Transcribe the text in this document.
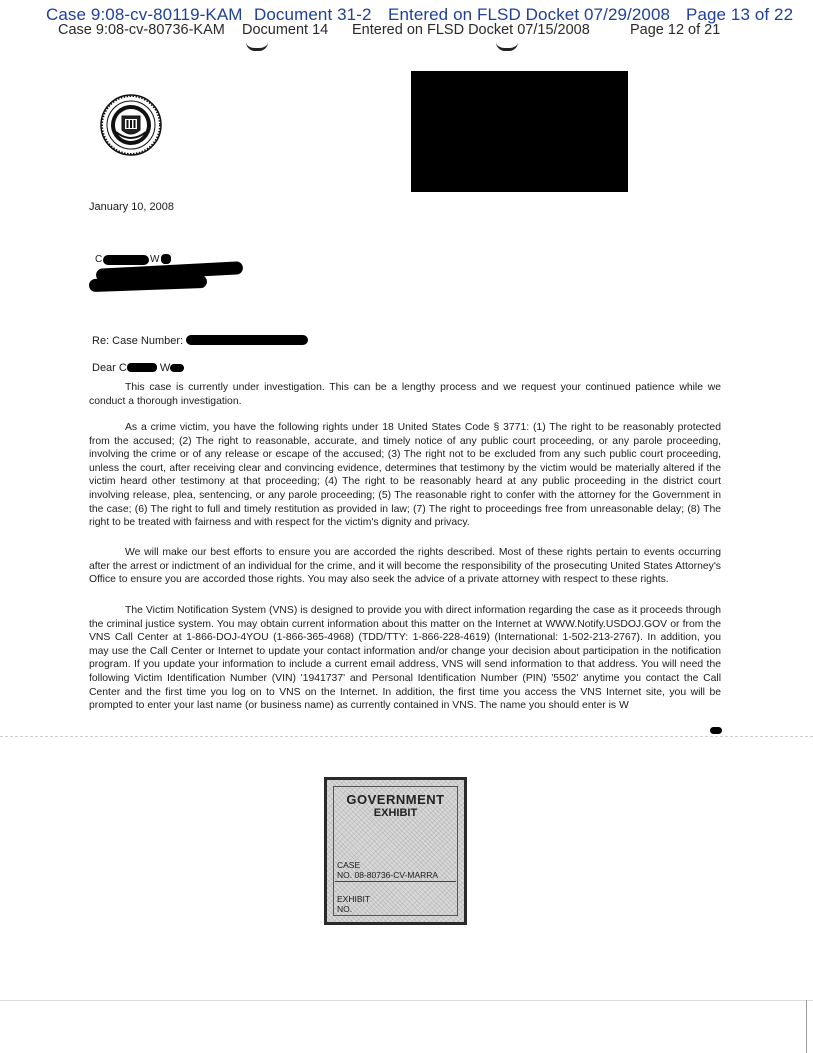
Case 9:08-cv-80119-KAM Document 31-2 Entered on FLSD Docket 07/29/2008 Page 13 of 22
Case 9:08-cv-80736-KAM Document 14 Entered on FLSD Docket 07/15/2008	Page 12 of 21
January 10, 2008
C	W
Re: Case Number:
Dear C	W

This case is currently under investigation. This can be a lengthy process and we request your continued patience while we conduct a thorough investigation.

As a crime victim, you have the following rights under 18 United States Code § 3771: (1) The right to be reasonably protected from the accused; (2) The right to reasonable, accurate, and timely notice of any public court proceeding, or any parole proceeding, involving the crime or of any release or escape of the accused; (3) The right not to be excluded from any such public court proceeding, unless the court, after receiving clear and convincing evidence, determines that testimony by the victim would be materially altered if the victim heard other testimony at that proceeding; (4) The right to be reasonably heard at any public proceeding in the district court involving release, plea, sentencing, or any parole proceeding; (5) The reasonable right to confer with the attorney for the Government in the case; (6) The right to full and timely restitution as provided in law; (7) The right to proceedings free from unreasonable delay; (8) The right to be treated with fairness and with respect for the victim's dignity and privacy.

We will make our best efforts to ensure you are accorded the rights described. Most of these rights pertain to events occurring after the arrest or indictment of an individual for the crime, and it will become the responsibility of the prosecuting United States Attorney's Office to ensure you are accorded those rights. You may also seek the advice of a private attorney with respect to these rights.

The Victim Notification System (VNS) is designed to provide you with direct information regarding the case as it proceeds through the criminal justice system. You may obtain current information about this matter on the Internet at WWW.Notify.USDOJ.GOV or from the VNS Call Center at 1-866-DOJ-4YOU (1-866-365-4968) (TDD/TTY: 1-866-228-4619) (International: 1-502-213-2767). In addition, you may use the Call Center or Internet to update your contact information and/or change your decision about participation in the notification program. If you update your information to include a current email address, VNS will send information to that address. You will need the following Victim Identification Number (VIN) '1941737' and Personal Identification Number (PIN) '5502' anytime you contact the Call Center and the first time you log on to VNS on the Internet. In addition, the first time you access the VNS Internet site, you will be prompted to enter your last name (or business name) as currently contained in VNS. The name you should enter is W

GOVERNMENT
EXHIBIT
CASE
NO. 08-80736-CV-MARRA
EXHIBIT
NO.
